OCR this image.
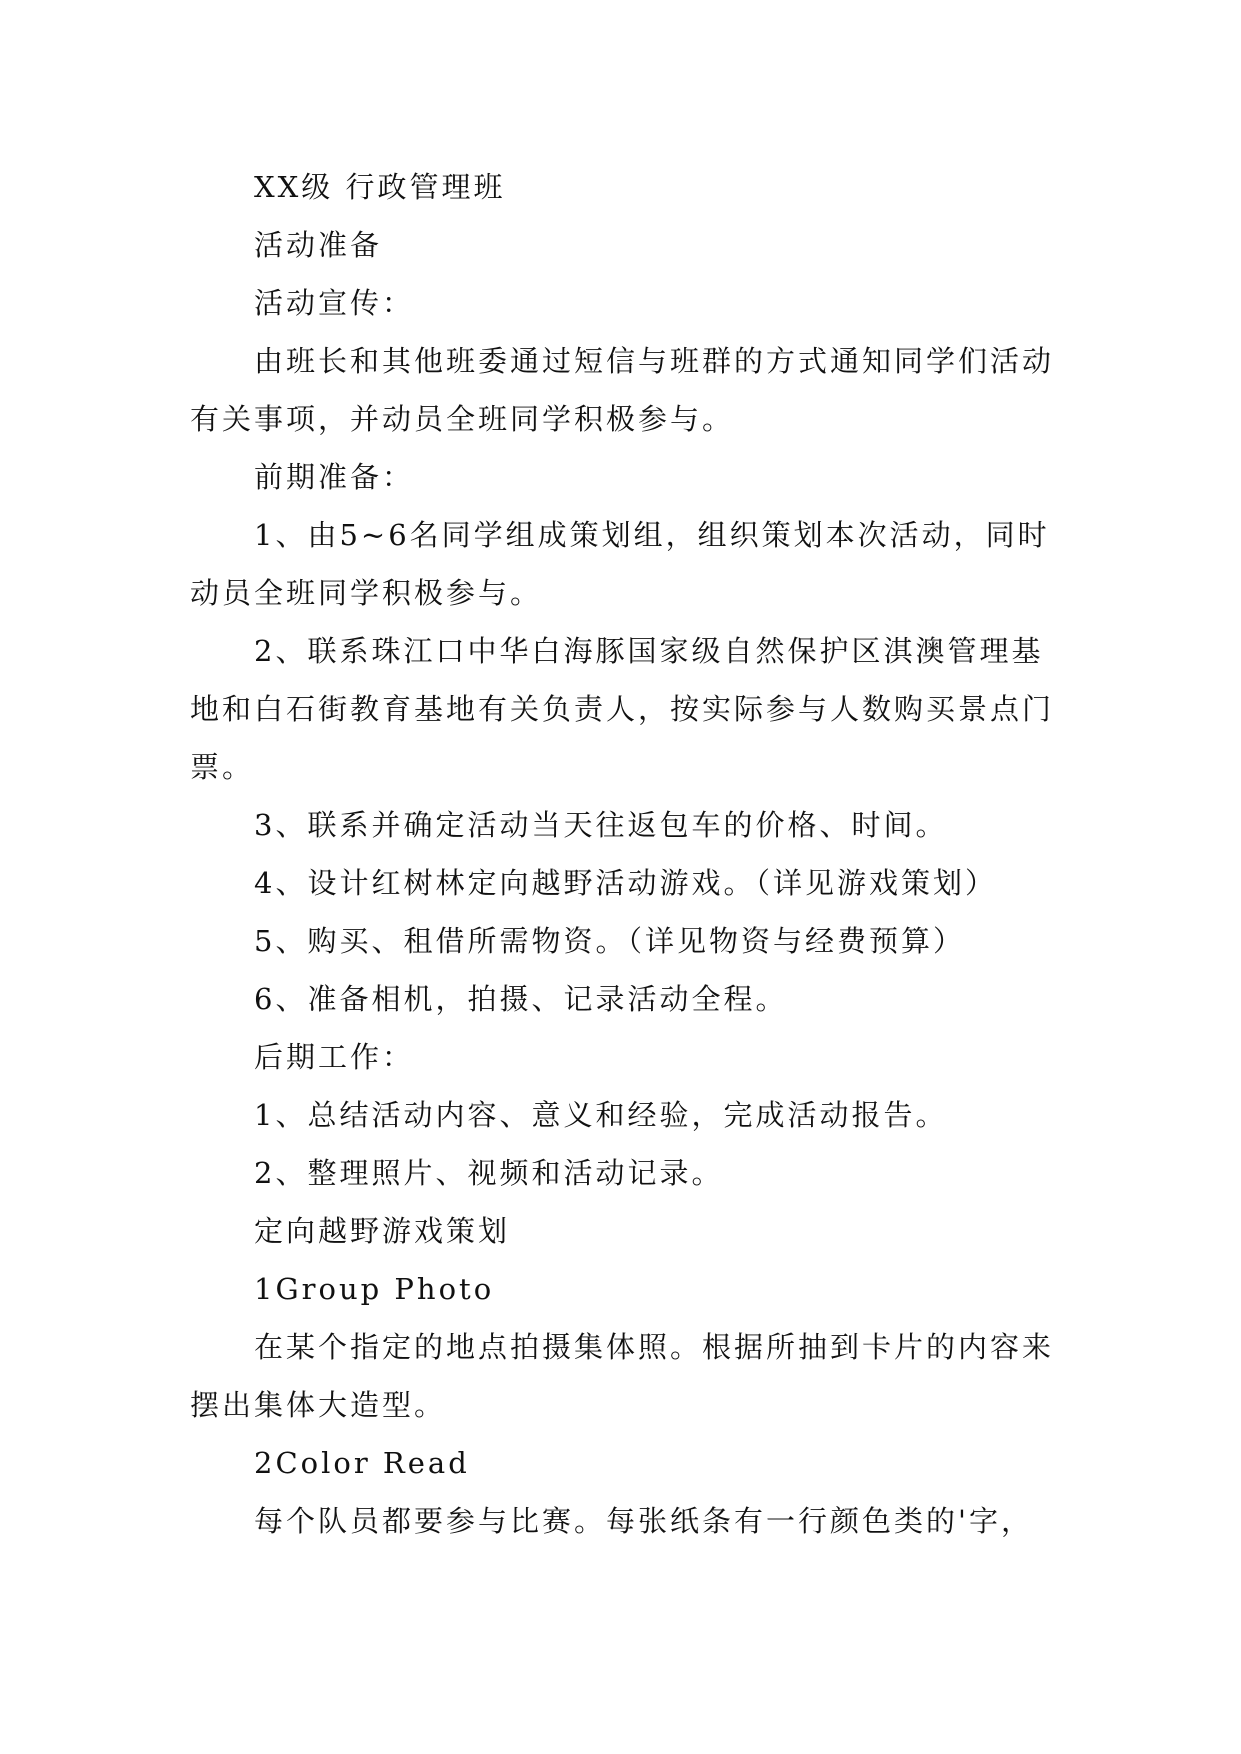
XX级 行政管理班

活动准备

活动宣传：

由班长和其他班委通过短信与班群的方式通知同学们活动有关事项，并动员全班同学积极参与。

前期准备：

1、由5~6名同学组成策划组，组织策划本次活动，同时动员全班同学积极参与。

2、联系珠江口中华白海豚国家级自然保护区淇澳管理基地和白石街教育基地有关负责人，按实际参与人数购买景点门票。

3、联系并确定活动当天往返包车的价格、时间。

4、设计红树林定向越野活动游戏。（详见游戏策划）

5、购买、租借所需物资。（详见物资与经费预算）

6、准备相机，拍摄、记录活动全程。

后期工作：

1、总结活动内容、意义和经验，完成活动报告。

2、整理照片、视频和活动记录。

定向越野游戏策划

1Group Photo

在某个指定的地点拍摄集体照。根据所抽到卡片的内容来摆出集体大造型。

2Color Read

每个队员都要参与比赛。每张纸条有一行颜色类的'字，
